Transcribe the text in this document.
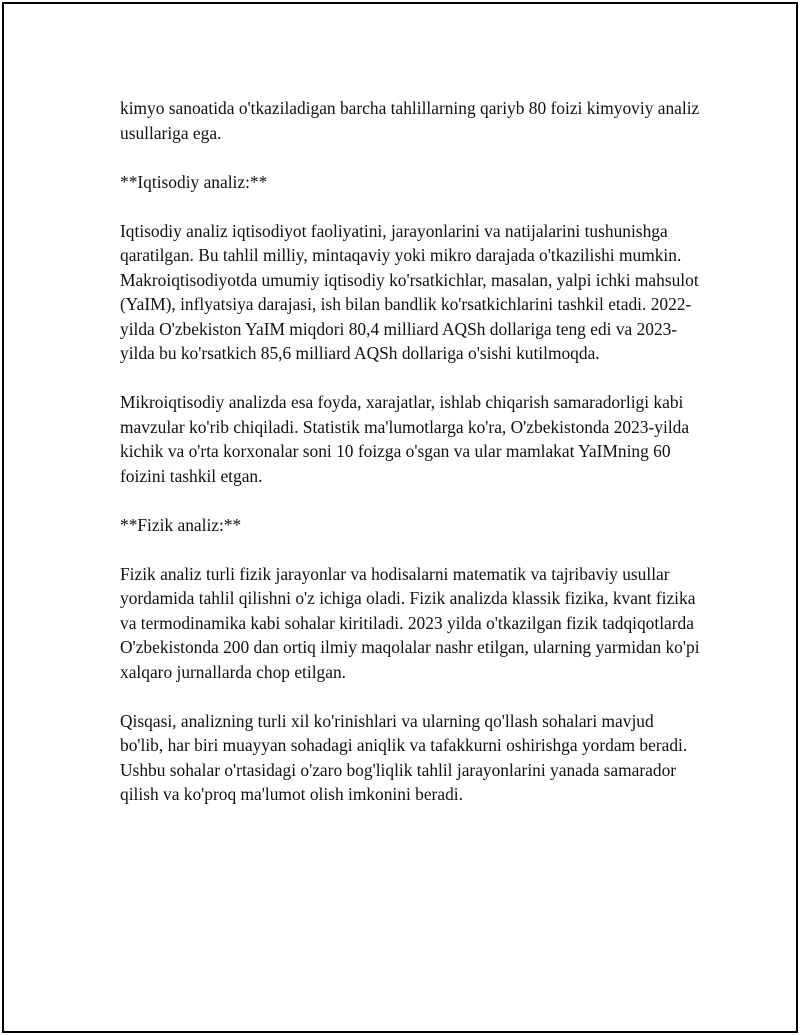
kimyo sanoatida o'tkaziladigan barcha tahlillarning qariyb 80 foizi kimyoviy analiz usullariga ega.

**Iqtisodiy analiz:**

Iqtisodiy analiz iqtisodiyot faoliyatini, jarayonlarini va natijalarini tushunishga qaratilgan. Bu tahlil milliy, mintaqaviy yoki mikro darajada o'tkazilishi mumkin. Makroiqtisodiyotda umumiy iqtisodiy ko'rsatkichlar, masalan, yalpi ichki mahsulot (YaIM), inflyatsiya darajasi, ish bilan bandlik ko'rsatkichlarini tashkil etadi. 2022-yilda O'zbekiston YaIM miqdori 80,4 milliard AQSh dollariga teng edi va 2023-yilda bu ko'rsatkich 85,6 milliard AQSh dollariga o'sishi kutilmoqda.

Mikroiqtisodiy analizda esa foyda, xarajatlar, ishlab chiqarish samaradorligi kabi mavzular ko'rib chiqiladi. Statistik ma'lumotlarga ko'ra, O'zbekistonda 2023-yilda kichik va o'rta korxonalar soni 10 foizga o'sgan va ular mamlakat YaIMning 60 foizini tashkil etgan.

**Fizik analiz:**

Fizik analiz turli fizik jarayonlar va hodisalarni matematik va tajribaviy usullar yordamida tahlil qilishni o'z ichiga oladi. Fizik analizda klassik fizika, kvant fizika va termodinamika kabi sohalar kiritiladi. 2023 yilda o'tkazilgan fizik tadqiqotlarda O'zbekistonda 200 dan ortiq ilmiy maqolalar nashr etilgan, ularning yarmidan ko'pi xalqaro jurnallarda chop etilgan.

Qisqasi, analizning turli xil ko'rinishlari va ularning qo'llash sohalari mavjud bo'lib, har biri muayyan sohadagi aniqlik va tafakkurni oshirishga yordam beradi. Ushbu sohalar o'rtasidagi o'zaro bog'liqlik tahlil jarayonlarini yanada samarador qilish va ko'proq ma'lumot olish imkonini beradi.
